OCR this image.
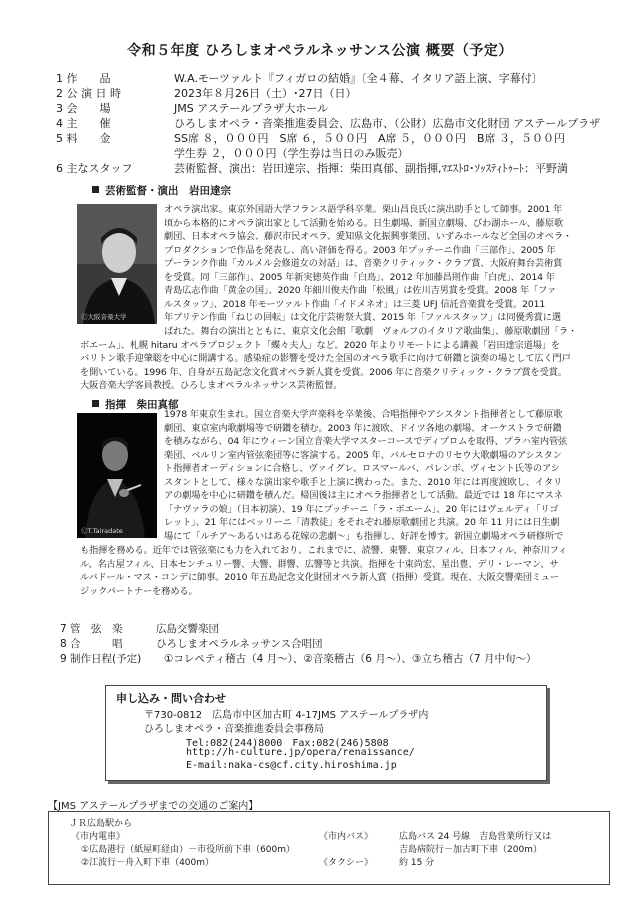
令和５年度 ひろしまオペラルネッサンス公演 概要（予定）
1 作　　品	W.A.モーツァルト『フィガロの結婚』〔全４幕、イタリア語上演、字幕付〕
2 公 演 日 時	2023年８月26日（土）･27日（日）
3 会　　場	JMS アステールプラザ大ホール
4 主　　催	ひろしまオペラ・音楽推進委員会、広島市、（公財）広島市文化財団 アステールプラザ
5 料　　金	SS席 ８，０００円　S席 ６，５００円　A席 ５，０００円　B席 ３，５００円
学生券 ２，０００円（学生券は当日のみ販売）
6 主なスタッフ	芸術監督、演出：岩田達宗、指揮：柴田真郁、副指揮,ﾏｴｽﾄﾛ･ｿｯｽﾃｨﾄｩｰﾄ：平野満
芸術監督・演出　岩田達宗
Ⓒ大阪音楽大学
オペラ演出家。東京外国語大学フランス語学科卒業。栗山昌良氏に演出助手として師事。2001 年
頃から本格的にオペラ演出家として活動を始める。日生劇場、新国立劇場、びわ湖ホール、藤原歌
劇団、日本オペラ協会、藤沢市民オペラ、愛知県文化振興事業団、いずみホールなど全国のオペラ・
プロダクションで作品を発表し、高い評価を得る。2003 年プッチーニ作曲「三部作」、2005 年
プーランク作曲「カルメル会修道女の対話」は、音楽クリティック・クラブ賞、大阪府舞台芸術賞
を受賞。同「三部作」、2005 年新実徳英作曲「白鳥」、2012 年加藤昌則作曲「白虎」、2014 年
青島広志作曲「黄金の国」、2020 年細川俊夫作曲「松風」は佐川吉男賞を受賞。2008 年「ファ
ルスタッフ」、2018 年モーツァルト作曲「イドメネオ」は三菱 UFJ 信託音楽賞を受賞。2011
年ブリテン作曲「ねじの回転」は文化庁芸術祭大賞、2015 年「ファルスタッフ」は同優秀賞に選
ばれた。舞台の演出とともに、東京文化会館「歌劇　ヴォルフのイタリア歌曲集」、藤原歌劇団「ラ・
ボエーム」、札幌 hitaru オペラプロジェクト「蝶々夫人」など。2020 年よりリモートによる講義「岩田達宗道場」を
バリトン歌手迎肇聡を中心に開講する。感染症の影響を受けた全国のオペラ歌手に向けて研鑽と演奏の場として広く門戸
を開いている。1996 年、自身が五島記念文化賞オペラ新人賞を受賞。2006 年に音楽クリティック・クラブ賞を受賞。
大阪音楽大学客員教授。ひろしまオペラルネッサンス芸術監督。
指揮　柴田真郁
ⒸT.Tairadate
1978 年東京生まれ。国立音楽大学声楽科を卒業後、合唱指揮やアシスタント指揮者として藤原歌
劇団、東京室内歌劇場等で研鑽を積む。2003 年に渡欧、ドイツ各地の劇場、オーケストラで研鑽
を積みながら、04 年にウィーン国立音楽大学マスターコースでディプロムを取得、プラハ室内管弦
楽団、ベルリン室内管弦楽団等に客演する。2005 年、バルセロナのリセウ大歌劇場のアシスタン
ト指揮者オーディションに合格し、ヴァイグレ、ロスマールバ、パレンボ、ヴィセント氏等のアシ
スタントとして、様々な演出家や歌手と上演に携わった。また、2010 年には再度渡欧し、イタリ
アの劇場を中心に研鑽を積んだ。帰国後は主にオペラ指揮者として活動。最近では 18 年にマスネ
「ナヴァラの娘」（日本初演）、19 年にプッチーニ「ラ・ボエーム」、20 年にはヴェルディ「リゴ
レット」、21 年にはベッリーニ「清教徒」をそれぞれ藤原歌劇団と共演。20 年 11 月には日生劇
場にて「ルチア～あるいはある花嫁の悲劇～」も指揮し、好評を博す。新国立劇場オペラ研修所で
も指揮を務める。近年では管弦楽にも力を入れており、これまでに、読響、東響、東京フィル、日本フィル、神奈川フィ
ル、名古屋フィル、日本センチュリー響、大響、群響、広響等と共演。指揮を十束尚宏、星出豊、デリ・レーマン、サ
ルバドール・マス・コンデに師事。2010 年五島記念文化財団オペラ新人賞（指揮）受賞。現在、大阪交響楽団ミュー
ジックパートナーを務める。
7 管　弦　楽	広島交響楽団
8 合　　　唱	ひろしまオペラルネッサンス合唱団
9 制作日程(予定) ①コレペティ稽古（4 月～）、②音楽稽古（6 月～）、③立ち稽古（7 月中旬～）
申し込み・問い合わせ
〒730-0812　広島市中区加古町 4-17JMS アステールプラザ内
ひろしまオペラ・音楽推進委員会事務局
Tel:082(244)8000　Fax:082(246)5808
http://h-culture.jp/opera/renaissance/
E-mail:naka-cs@cf.city.hiroshima.jp
【JMS アステールプラザまでの交通のご案内】
ＪＲ広島駅から
《市内電車》
①広島港行（紙屋町経由）－市役所前下車（600m）
②江波行－舟入町下車（400m）
《市内バス》	広島バス 24 号線　吉島営業所行又は
吉島病院行－加古町下車（200m）
《タクシー》	約 15 分
